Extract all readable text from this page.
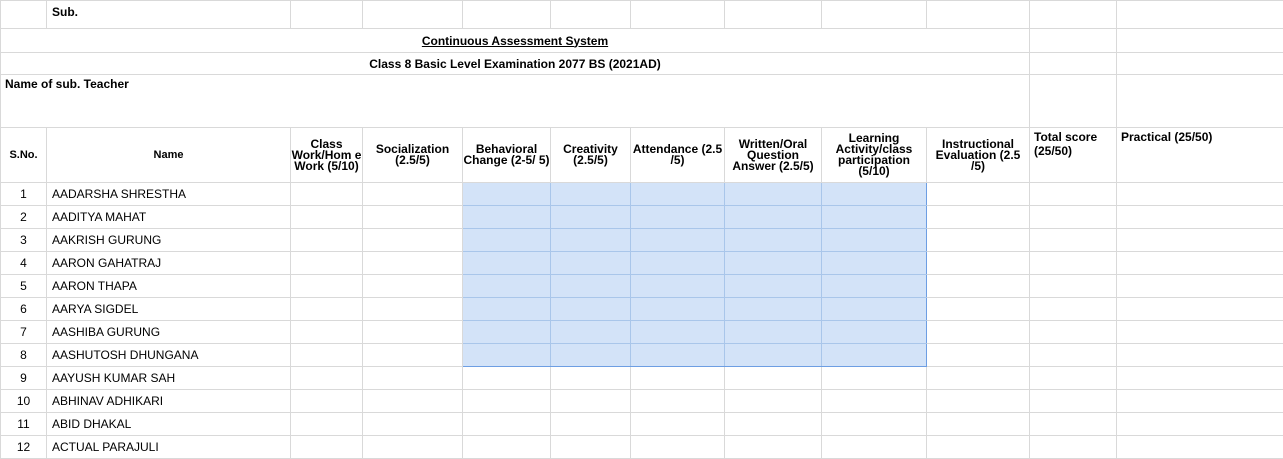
	Sub.										
Continuous Assessment System											
Class 8 Basic Level Examination 2077 BS (2021AD)											
Name of sub. Teacher											
S.No.	Name	Class Work/Hom e Work (5/10)	Socialization (2.5/5)	Behavioral Change (2-5/ 5)	Creativity (2.5/5)	Attendance (2.5 /5)	Written/Oral Question Answer (2.5/5)	Learning Activity/class participation (5/10)	Instructional Evaluation (2.5 /5)	Total score (25/50)	Practical (25/50)
1	AADARSHA SHRESTHA										
2	AADITYA MAHAT										
3	AAKRISH GURUNG										
4	AARON GAHATRAJ										
5	AARON THAPA										
6	AARYA SIGDEL										
7	AASHIBA GURUNG										
8	AASHUTOSH DHUNGANA										
9	AAYUSH KUMAR SAH										
10	ABHINAV ADHIKARI										
11	ABID DHAKAL										
12	ACTUAL PARAJULI										
